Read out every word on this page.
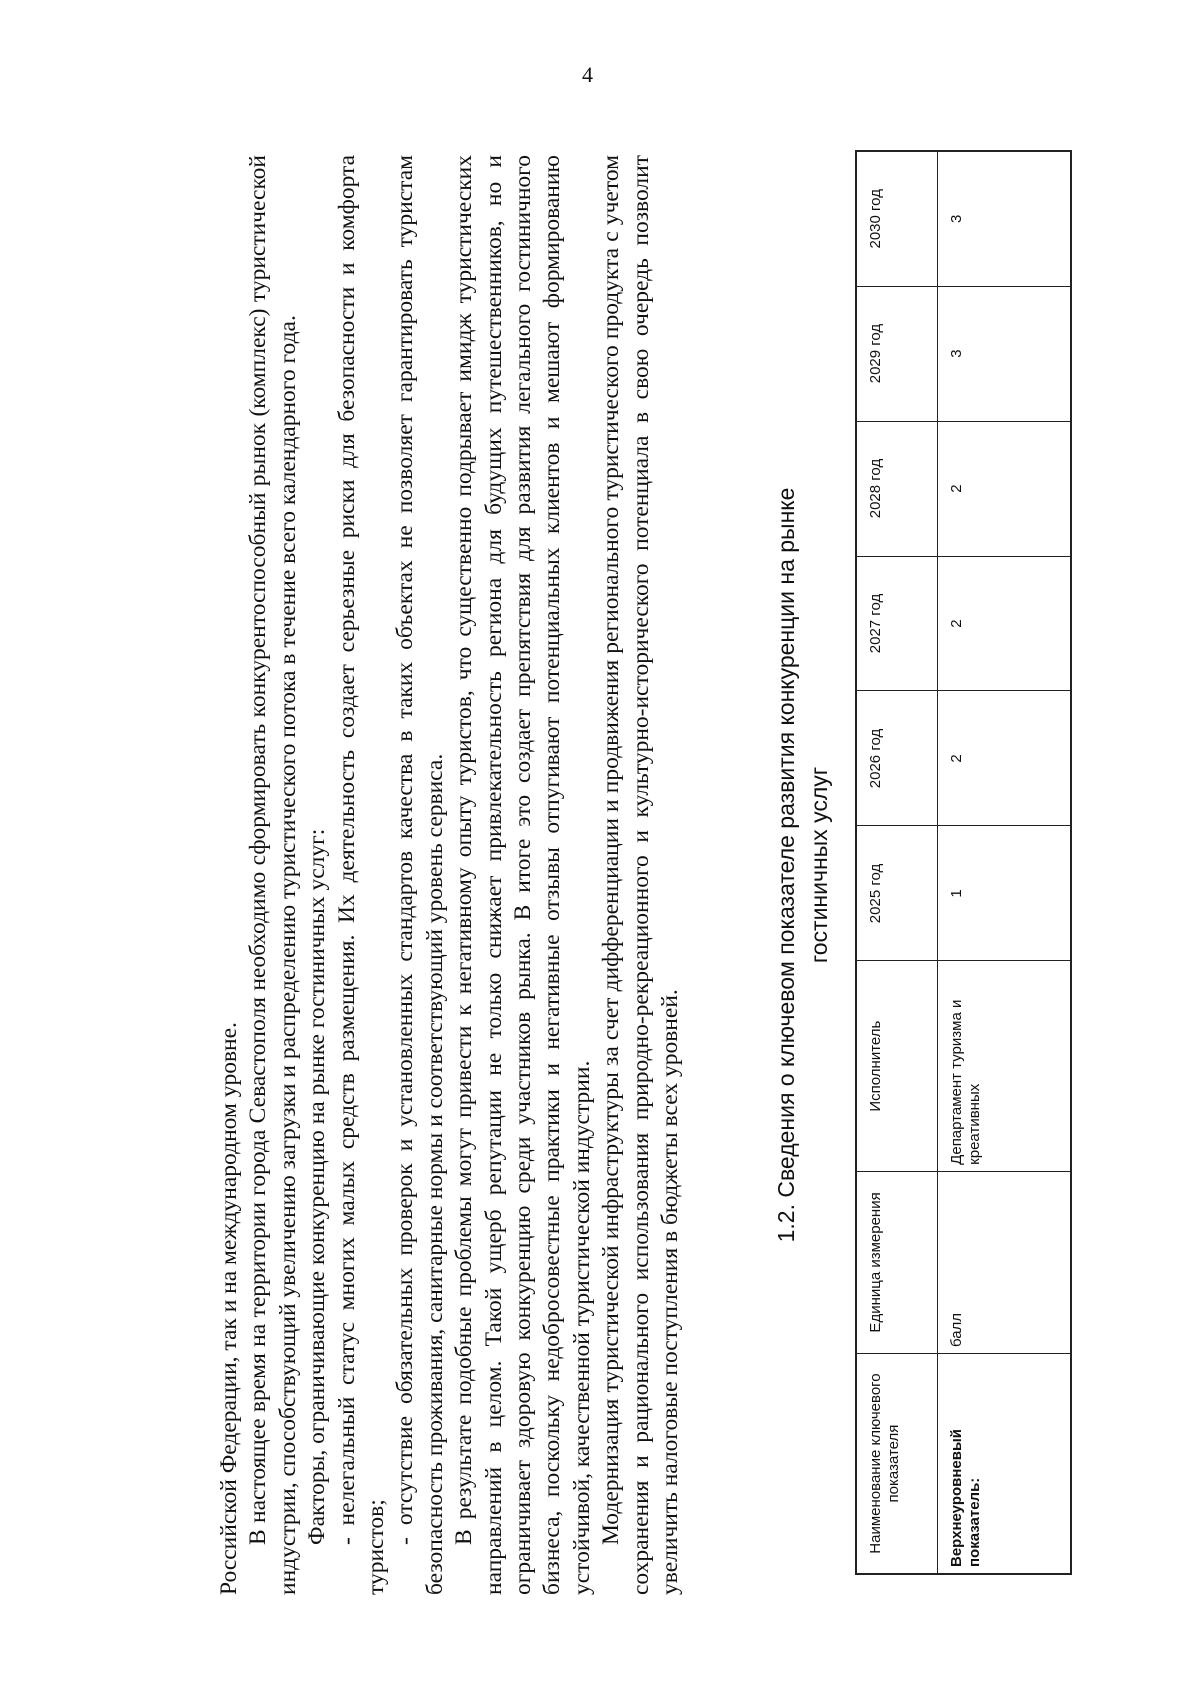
4

Российской Федерации, так и на международном уровне. В настоящее время на территории города Севастополя необходимо сформировать конкурентоспособный рынок (комплекс) туристической индустрии, способствующий увеличению загрузки и распределению туристического потока в течение всего календарного года. Факторы, ограничивающие конкуренцию на рынке гостиничных услуг: - нелегальный статус многих малых средств размещения. Их деятельность создает серьезные риски для безопасности и комфорта туристов;

- отсутствие обязательных проверок и установленных стандартов качества в таких объектах не позволяет гарантировать туристам безопасность проживания, санитарные нормы и соответствующий уровень сервиса. В результате подобные проблемы могут привести к негативному опыту туристов, что существенно подрывает имидж туристических направлений в целом. Такой ущерб репутации не только снижает привлекательность региона для будущих путешественников, но и ограничивает здоровую конкуренцию среди участников рынка. В итоге это создает препятствия для развития легального гостиничного бизнеса, поскольку недобросовестные практики и негативные отзывы отпугивают потенциальных клиентов и мешают формированию устойчивой, качественной туристической индустрии. Модернизация туристической инфраструктуры за счет дифференциации и продвижения регионального туристического продукта с учетом сохранения и рационального использования природно-рекреационного и культурно-исторического потенциала в свою очередь позволит увеличить налоговые поступления в бюджеты всех уровней.

1.2. Сведения о ключевом показателе развития конкуренции на рынке гостиничных услуг
Наименование ключевого показателя	Единица измерения	Исполнитель	2025 год	2026 год	2027 год	2028 год	2029 год	2030 год
Верхнеуровневый показатель:	балл	Департамент туризма и креативных	1	2	2	2	3	3
